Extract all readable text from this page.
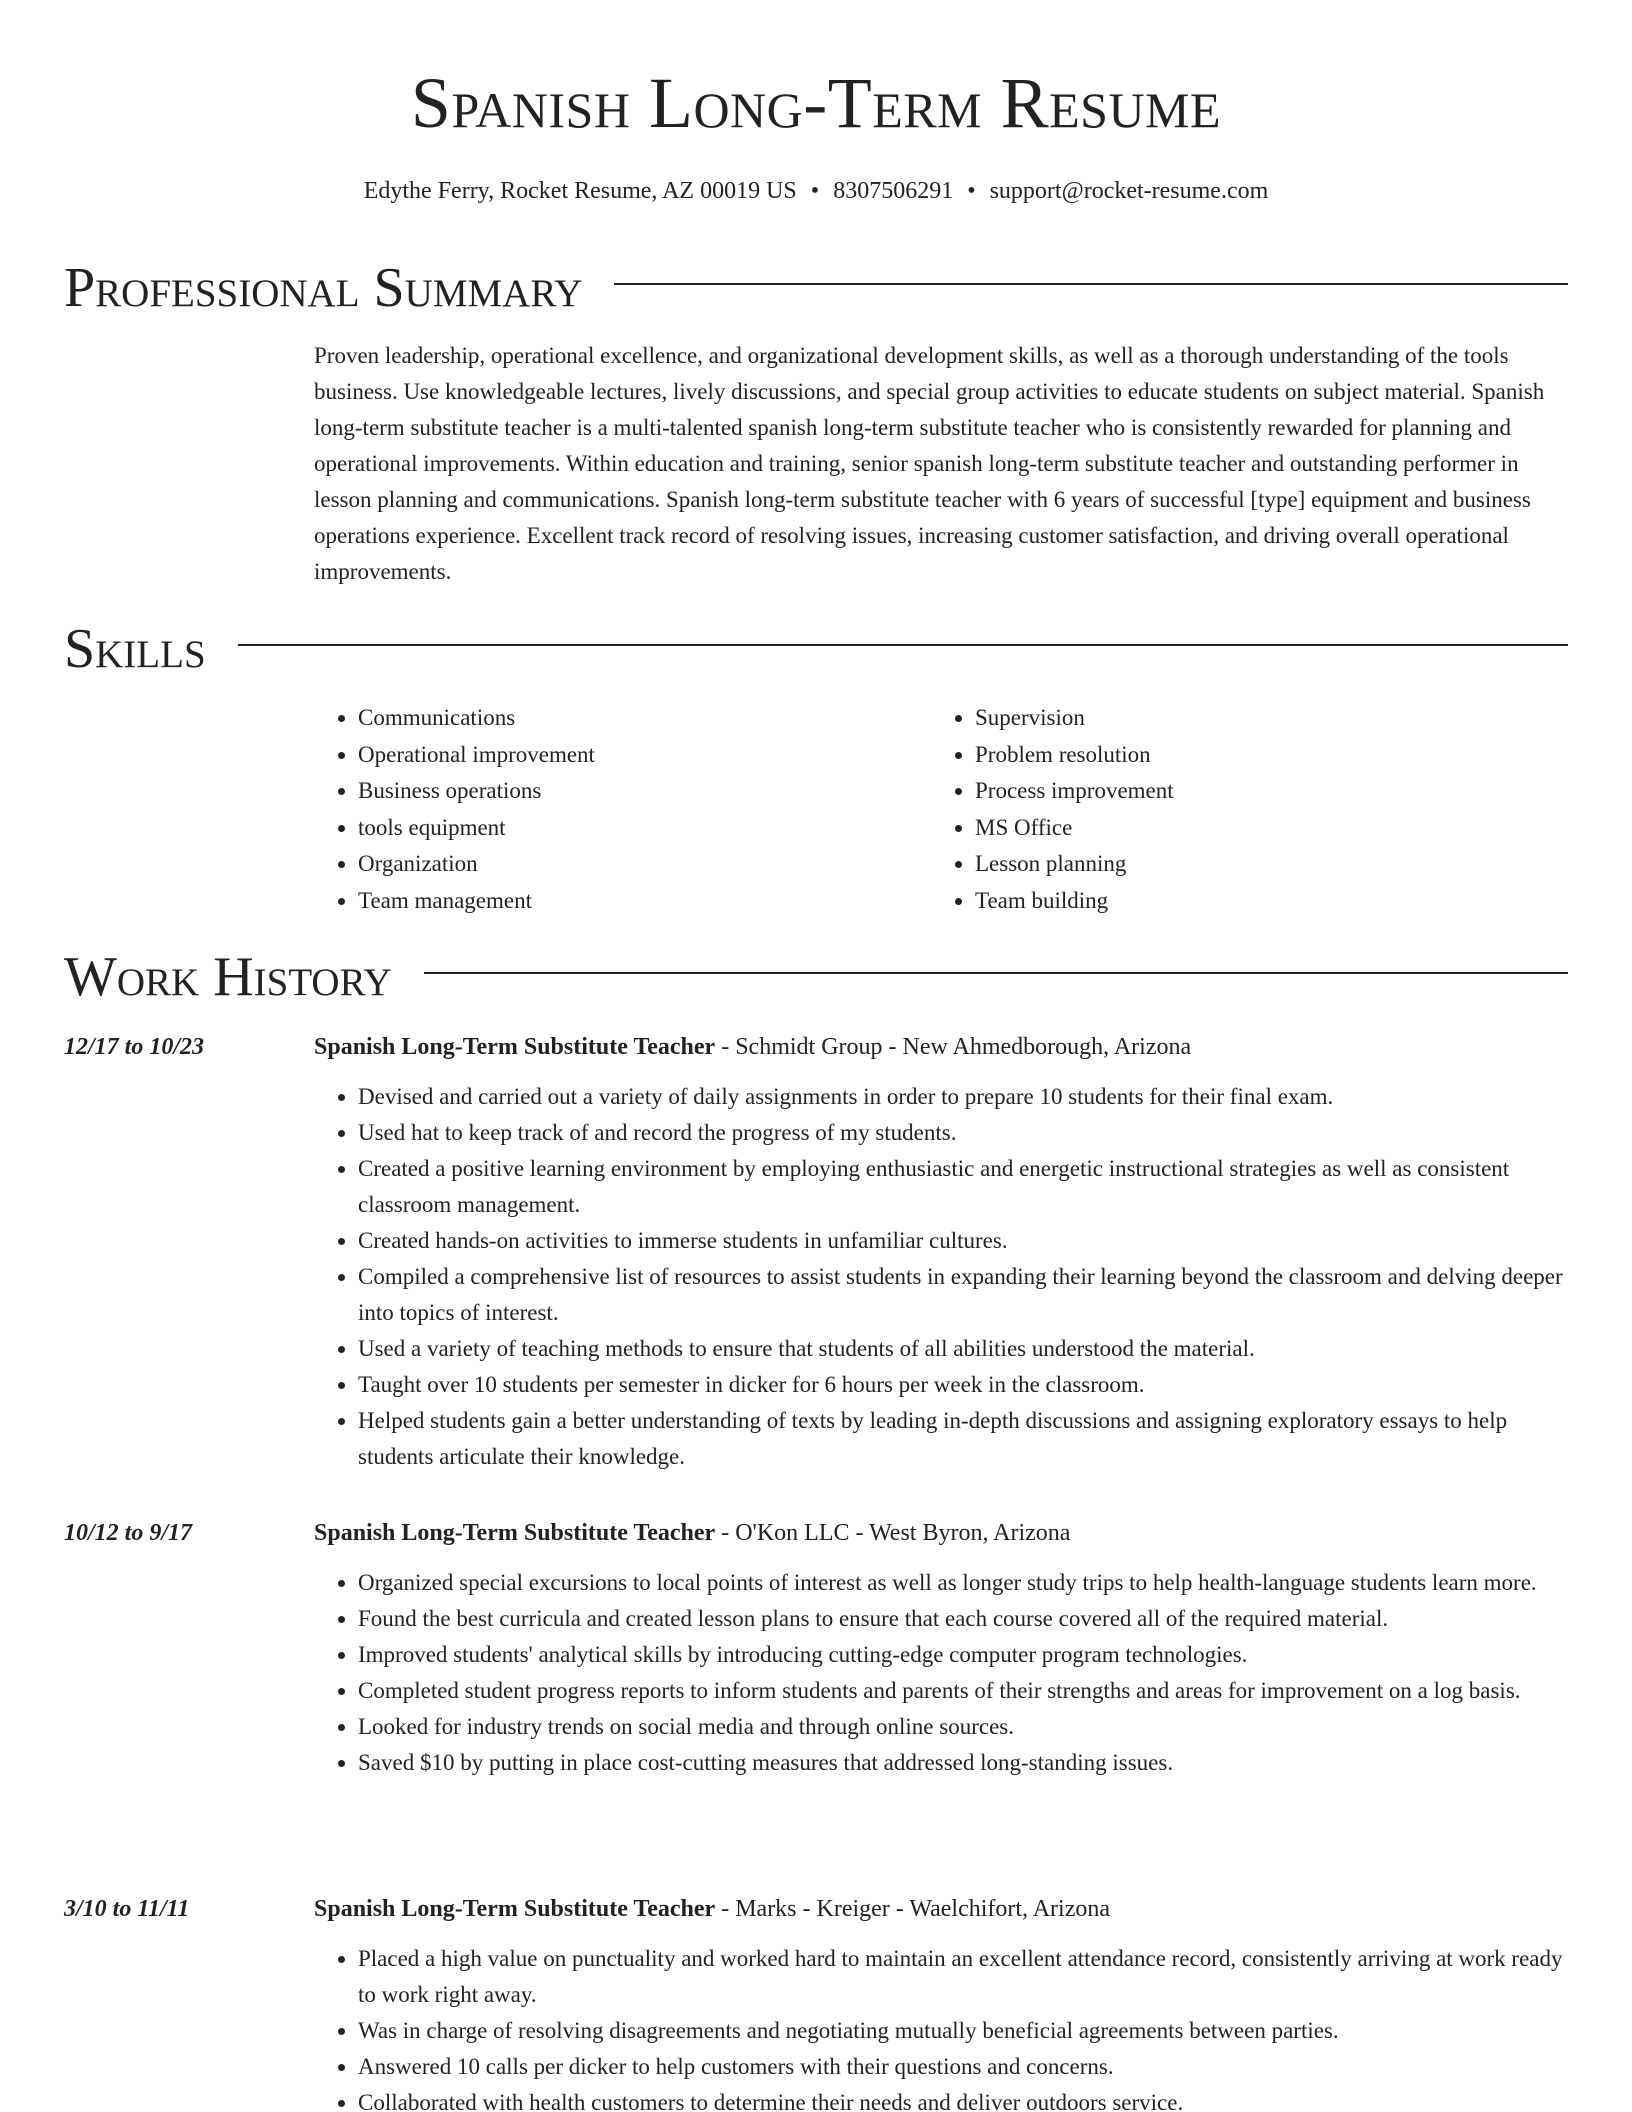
Spanish Long-Term Resume
Edythe Ferry, Rocket Resume, AZ 00019 US • 8307506291 • support@rocket-resume.com
Professional Summary

Proven leadership, operational excellence, and organizational development skills, as well as a thorough understanding of the tools business. Use knowledgeable lectures, lively discussions, and special group activities to educate students on subject material. Spanish long-term substitute teacher is a multi-talented spanish long-term substitute teacher who is consistently rewarded for planning and operational improvements. Within education and training, senior spanish long-term substitute teacher and outstanding performer in lesson planning and communications. Spanish long-term substitute teacher with 6 years of successful [type] equipment and business operations experience. Excellent track record of resolving issues, increasing customer satisfaction, and driving overall operational improvements.

Skills
• Communications
• Operational improvement
• Business operations
• tools equipment
• Organization
• Team management
• Supervision
• Problem resolution
• Process improvement
• MS Office
• Lesson planning
• Team building
Work History
12/17 to 10/23	Spanish Long-Term Substitute Teacher - Schmidt Group - New Ahmedborough, Arizona
• Devised and carried out a variety of daily assignments in order to prepare 10 students for their final exam.
• Used hat to keep track of and record the progress of my students.
• Created a positive learning environment by employing enthusiastic and energetic instructional strategies as well as consistent classroom management.
• Created hands-on activities to immerse students in unfamiliar cultures.
• Compiled a comprehensive list of resources to assist students in expanding their learning beyond the classroom and delving deeper into topics of interest.
• Used a variety of teaching methods to ensure that students of all abilities understood the material.
• Taught over 10 students per semester in dicker for 6 hours per week in the classroom.
• Helped students gain a better understanding of texts by leading in-depth discussions and assigning exploratory essays to help students articulate their knowledge.
10/12 to 9/17	Spanish Long-Term Substitute Teacher - O'Kon LLC - West Byron, Arizona
• Organized special excursions to local points of interest as well as longer study trips to help health-language students learn more.
• Found the best curricula and created lesson plans to ensure that each course covered all of the required material.
• Improved students' analytical skills by introducing cutting-edge computer program technologies.
• Completed student progress reports to inform students and parents of their strengths and areas for improvement on a log basis.
• Looked for industry trends on social media and through online sources.
• Saved $10 by putting in place cost-cutting measures that addressed long-standing issues.
3/10 to 11/11	Spanish Long-Term Substitute Teacher - Marks - Kreiger - Waelchifort, Arizona
• Placed a high value on punctuality and worked hard to maintain an excellent attendance record, consistently arriving at work ready to work right away.
• Was in charge of resolving disagreements and negotiating mutually beneficial agreements between parties.
• Answered 10 calls per dicker to help customers with their questions and concerns.
• Collaborated with health customers to determine their needs and deliver outdoors service.
